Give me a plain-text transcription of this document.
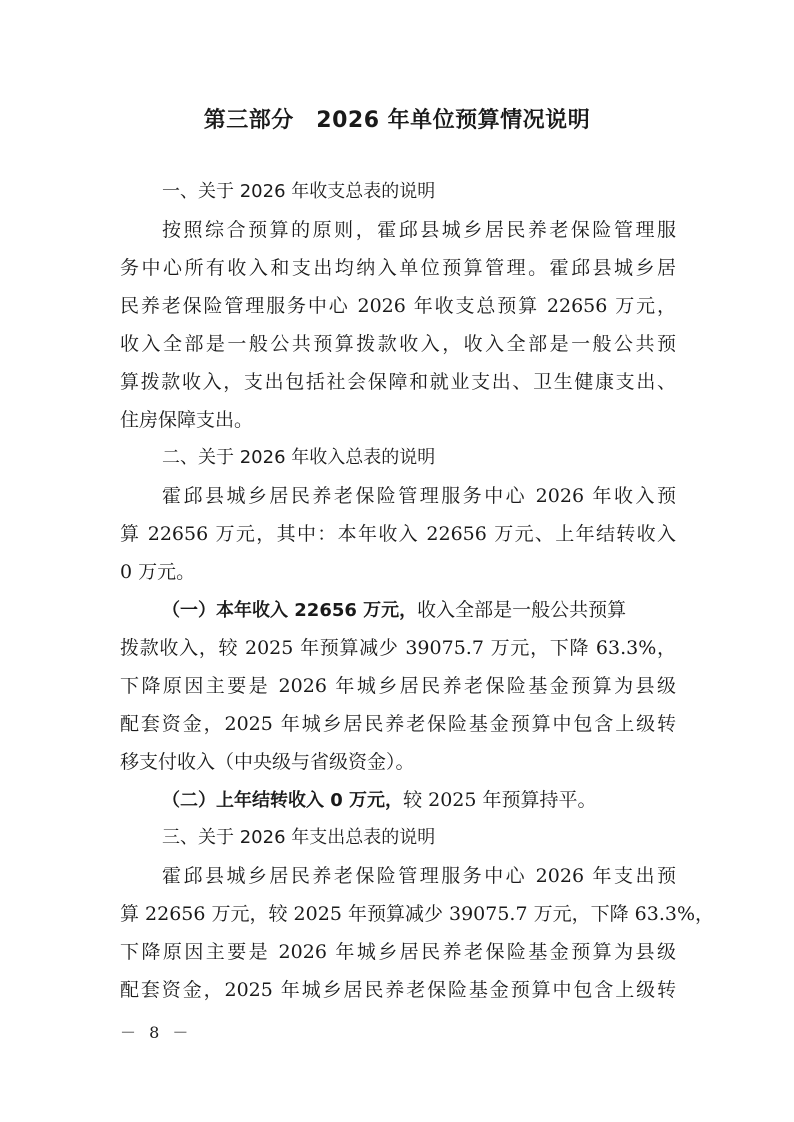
第三部分　2026 年单位预算情况说明
一、关于 2026 年收支总表的说明
按照综合预算的原则，霍邱县城乡居民养老保险管理服
务中心所有收入和支出均纳入单位预算管理。霍邱县城乡居
民养老保险管理服务中心 2026 年收支总预算 22656 万元，
收入全部是一般公共预算拨款收入，收入全部是一般公共预
算拨款收入，支出包括社会保障和就业支出、卫生健康支出、
住房保障支出。
二、关于 2026 年收入总表的说明
霍邱县城乡居民养老保险管理服务中心 2026 年收入预
算 22656 万元，其中：本年收入 22656 万元、上年结转收入
0 万元。
（一）本年收入 22656 万元，收入全部是一般公共预算
拨款收入，较 2025 年预算减少 39075.7 万元，下降 63.3%，
下降原因主要是 2026 年城乡居民养老保险基金预算为县级
配套资金，2025 年城乡居民养老保险基金预算中包含上级转
移支付收入（中央级与省级资金）。
（二）上年结转收入 0 万元，较 2025 年预算持平。
三、关于 2026 年支出总表的说明
霍邱县城乡居民养老保险管理服务中心 2026 年支出预
算 22656 万元，较 2025 年预算减少 39075.7 万元，下降 63.3%，
下降原因主要是 2026 年城乡居民养老保险基金预算为县级
配套资金，2025 年城乡居民养老保险基金预算中包含上级转
－ 8 －
